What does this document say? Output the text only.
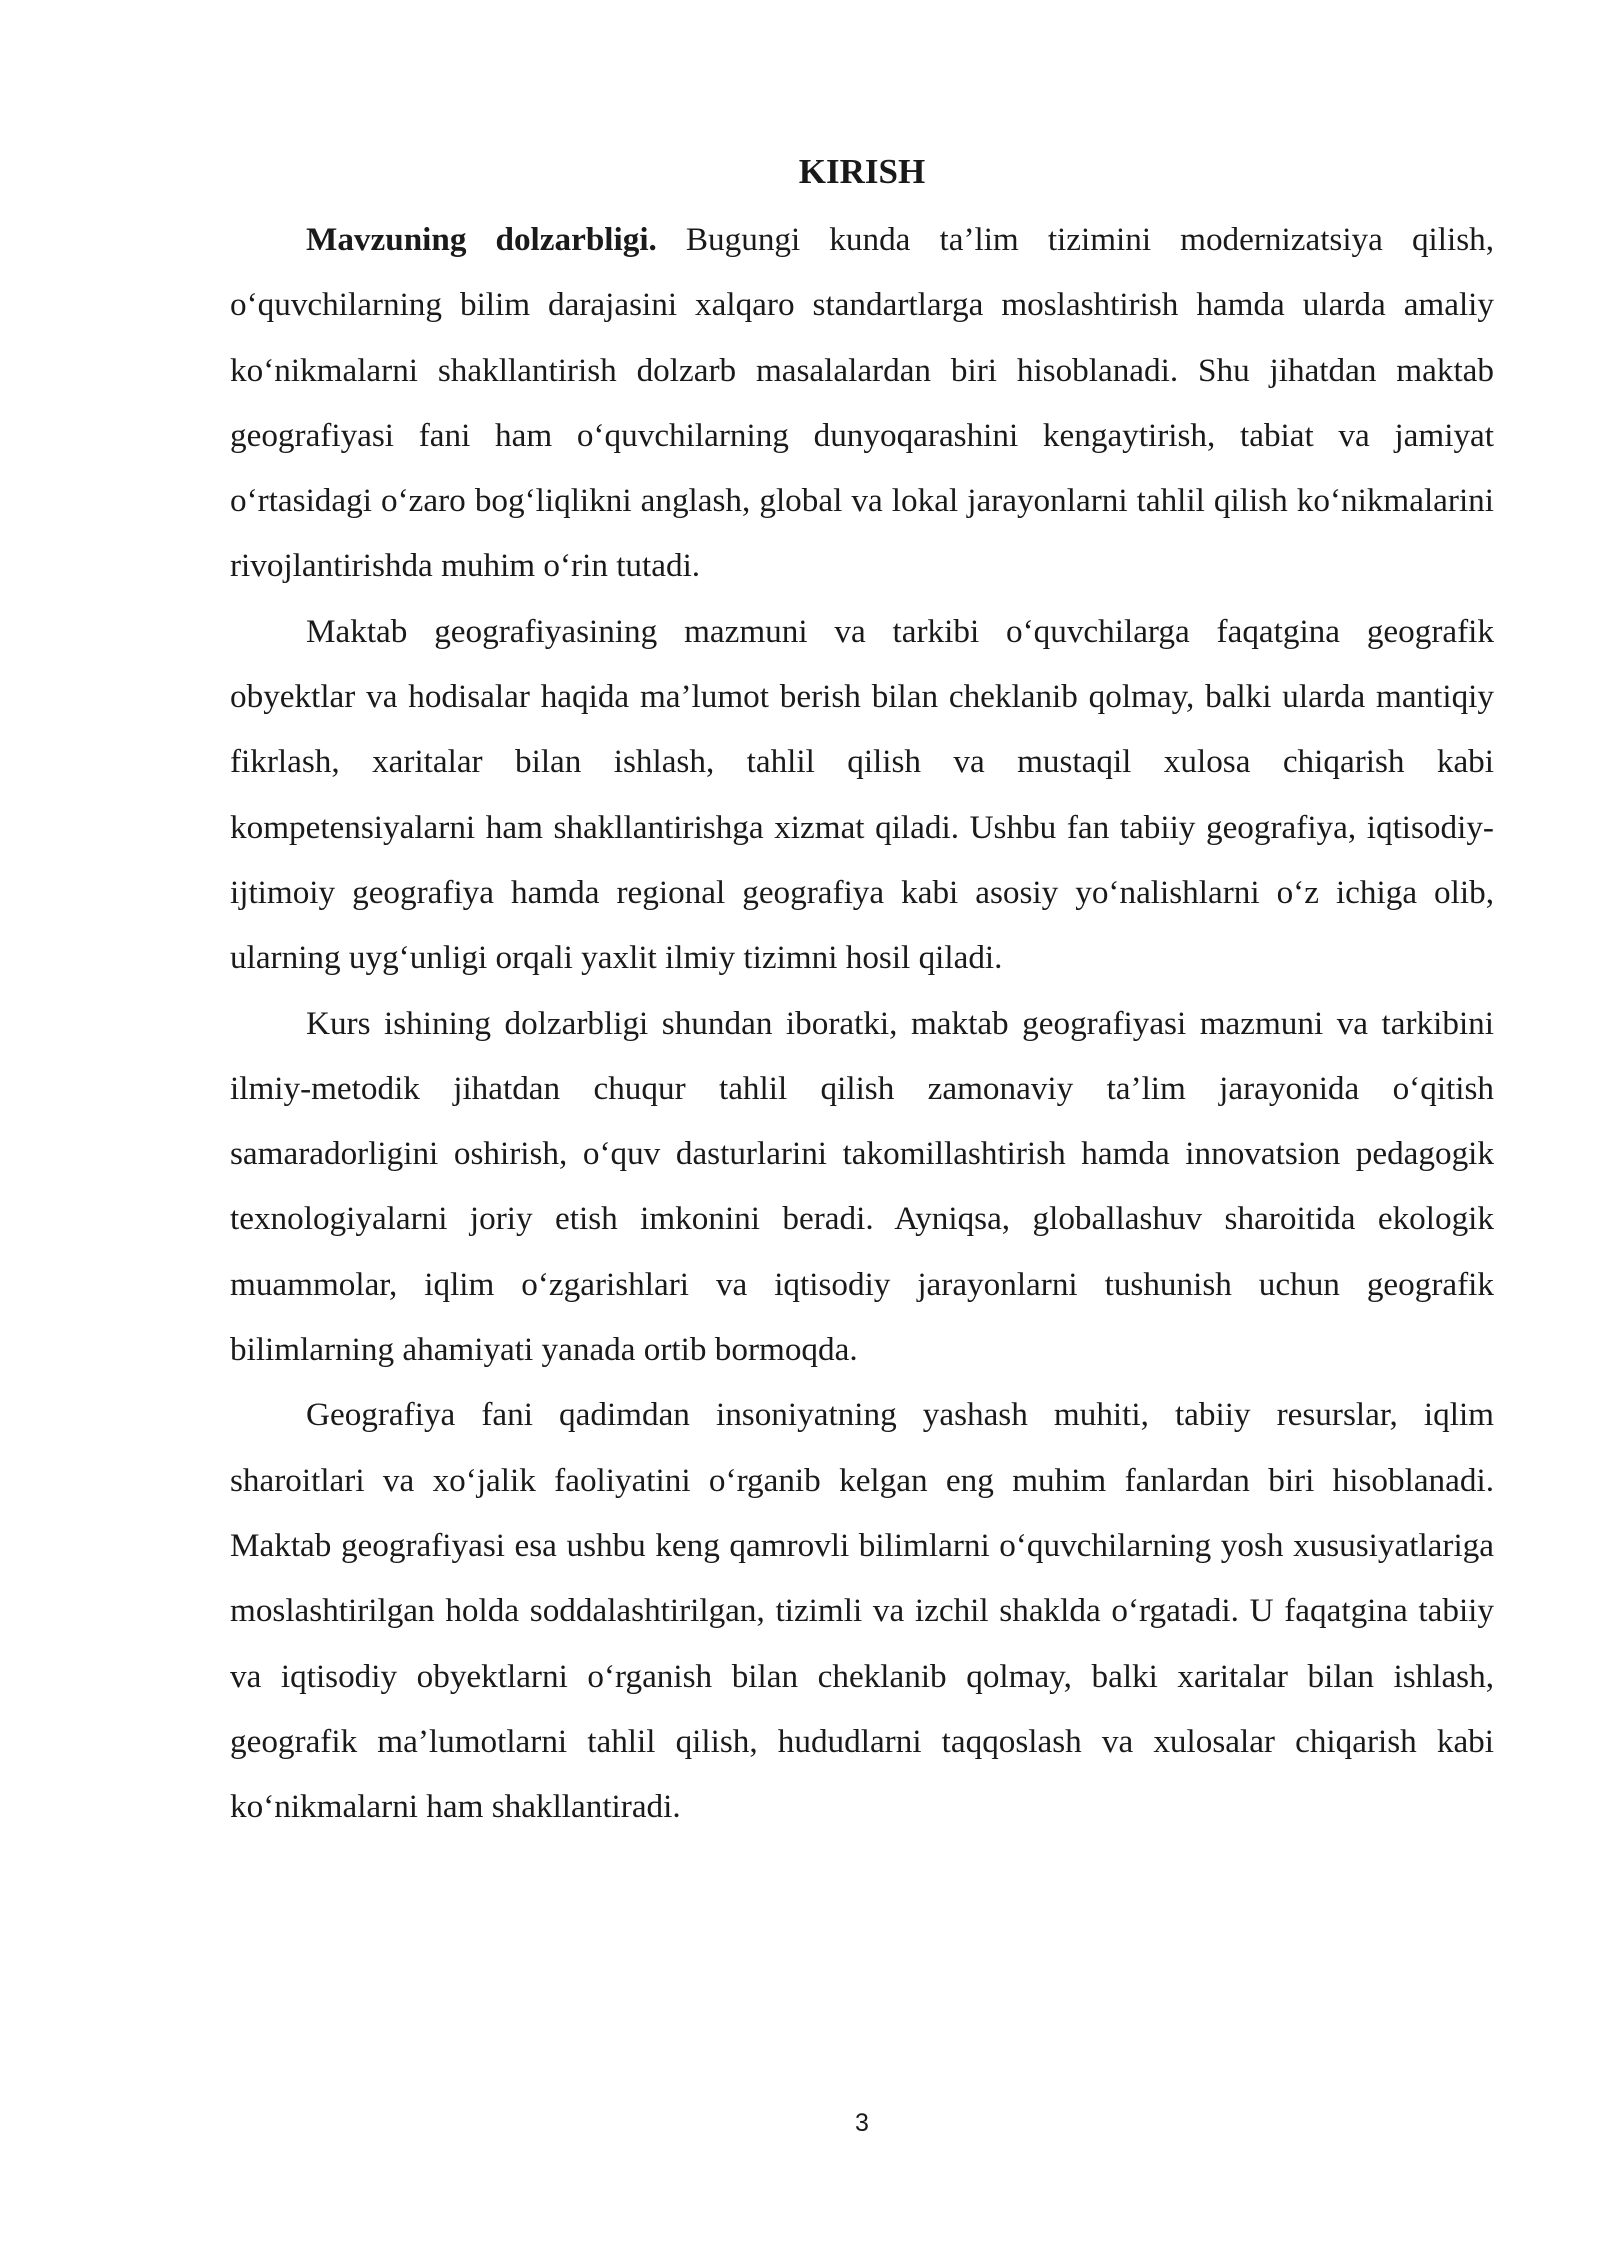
KIRISH

Mavzuning dolzarbligi. Bugungi kunda ta’lim tizimini modernizatsiya qilish, o‘quvchilarning bilim darajasini xalqaro standartlarga moslashtirish hamda ularda amaliy ko‘nikmalarni shakllantirish dolzarb masalalardan biri hisoblanadi. Shu jihatdan maktab geografiyasi fani ham o‘quvchilarning dunyoqarashini kengaytirish, tabiat va jamiyat o‘rtasidagi o‘zaro bog‘liqlikni anglash, global va lokal jarayonlarni tahlil qilish ko‘nikmalarini rivojlantirishda muhim o‘rin tutadi.

Maktab geografiyasining mazmuni va tarkibi o‘quvchilarga faqatgina geografik obyektlar va hodisalar haqida ma’lumot berish bilan cheklanib qolmay, balki ularda mantiqiy fikrlash, xaritalar bilan ishlash, tahlil qilish va mustaqil xulosa chiqarish kabi kompetensiyalarni ham shakllantirishga xizmat qiladi. Ushbu fan tabiiy geografiya, iqtisodiy-ijtimoiy geografiya hamda regional geografiya kabi asosiy yo‘nalishlarni o‘z ichiga olib, ularning uyg‘unligi orqali yaxlit ilmiy tizimni hosil qiladi.

Kurs ishining dolzarbligi shundan iboratki, maktab geografiyasi mazmuni va tarkibini ilmiy-metodik jihatdan chuqur tahlil qilish zamonaviy ta’lim jarayonida o‘qitish samaradorligini oshirish, o‘quv dasturlarini takomillashtirish hamda innovatsion pedagogik texnologiyalarni joriy etish imkonini beradi. Ayniqsa, globallashuv sharoitida ekologik muammolar, iqlim o‘zgarishlari va iqtisodiy jarayonlarni tushunish uchun geografik bilimlarning ahamiyati yanada ortib bormoqda.

Geografiya fani qadimdan insoniyatning yashash muhiti, tabiiy resurslar, iqlim sharoitlari va xo‘jalik faoliyatini o‘rganib kelgan eng muhim fanlardan biri hisoblanadi. Maktab geografiyasi esa ushbu keng qamrovli bilimlarni o‘quvchilarning yosh xususiyatlariga moslashtirilgan holda soddalashtirilgan, tizimli va izchil shaklda o‘rgatadi. U faqatgina tabiiy va iqtisodiy obyektlarni o‘rganish bilan cheklanib qolmay, balki xaritalar bilan ishlash, geografik ma’lumotlarni tahlil qilish, hududlarni taqqoslash va xulosalar chiqarish kabi ko‘nikmalarni ham shakllantiradi.

3
